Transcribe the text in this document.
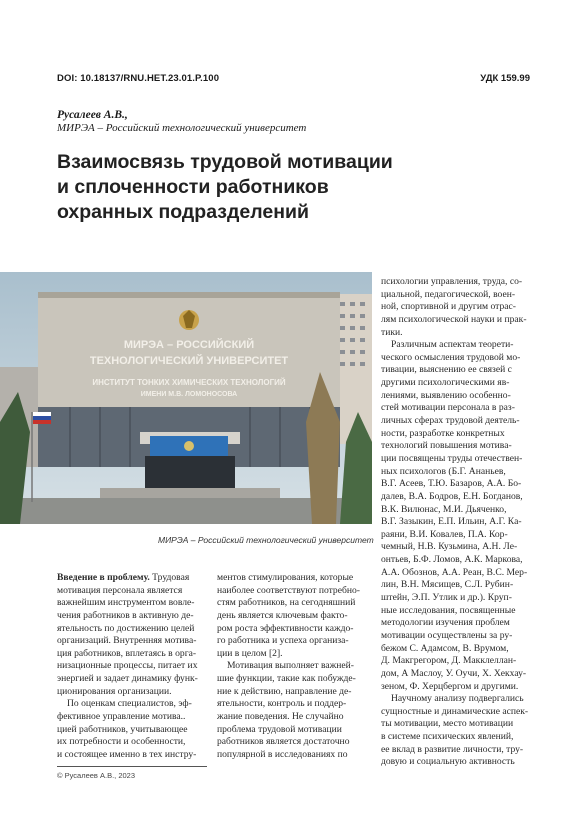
DOI: 10.18137/RNU.HET.23.01.P.100	УДК 159.99
Русалеев А.В.,
МИРЭА – Российский технологический университет
Взаимосвязь трудовой мотивации
и сплоченности работников
охранных подразделений
МИРЭА – РОССИЙСКИЙ
ТЕХНОЛОГИЧЕСКИЙ УНИВЕРСИТЕТ
ИНСТИТУТ ТОНКИХ ХИМИЧЕСКИХ ТЕХНОЛОГИЙ
ИМЕНИ М.В. ЛОМОНОСОВА
МИРЭА – Российский технологический университет
Введение в проблему. Трудовая
мотивация персонала является
важнейшим инструментом вовле-
чения работников в активную де-
ятельность по достижению целей
организаций. Внутренняя мотива-
ция работников, вплетаясь в орга-
низационные процессы, питает их
энергией и задает динамику функ-
ционирования организации.
По оценкам специалистов, эф-
фективное управление мотива..
цией работников, учитывающее
их потребности и особенности,
и состоящее именно в тех инстру-
ментов стимулирования, которые
наиболее соответствуют потребно-
стям работников, на сегодняшний
день является ключевым факто-
ром роста эффективности каждо-
го работника и успеха организа-
ции в целом [2].
Мотивация выполняет важней-
шие функции, такие как побужде-
ние к действию, направление де-
ятельности, контроль и поддер-
жание поведения. Не случайно
проблема трудовой мотивации
работников является достаточно
популярной в исследованиях по
психологии управления, труда, со-
циальной, педагогической, воен-
ной, спортивной и другим отрас-
лям психологической науки и прак-
тики.
Различным аспектам теорети-
ческого осмысления трудовой мо-
тивации, выяснению ее связей с
другими психологическими яв-
лениями, выявлению особенно-
стей мотивации персонала в раз-
личных сферах трудовой деятель-
ности, разработке конкретных
технологий повышения мотива-
ции посвящены труды отечествен-
ных психологов (Б.Г. Ананьев,
В.Г. Асеев, Т.Ю. Базаров, А.А. Бо-
далев, В.А. Бодров, Е.Н. Богданов,
В.К. Вилюнас, М.И. Дьяченко,
В.Г. Зазыкин, Е.П. Ильин, А.Г. Ка-
раяни, В.И. Ковалев, П.А. Кор-
чемный, Н.В. Кузьмина, А.Н. Ле-
онтьев, Б.Ф. Ломов, А.К. Маркова,
А.А. Обознов, А.А. Реан, В.С. Мер-
лин, В.Н. Мясищев, С.Л. Рубин-
штейн, Э.П. Утлик и др.). Круп-
ные исследования, посвященные
методологии изучения проблем
мотивации осуществлены за ру-
бежом С. Адамсом, В. Врумом,
Д. Макгрегором, Д. Макклеллан-
дом, А Маслоу, У. Оучи, Х. Хекхау-
зеном, Ф. Херцбергом и другими.
Научному анализу подвергались
сущностные и динамические аспек-
ты мотивации, место мотивации
в системе психических явлений,
ее вклад в развитие личности, тру-
довую и социальную активность
© Русалеев А.В., 2023
